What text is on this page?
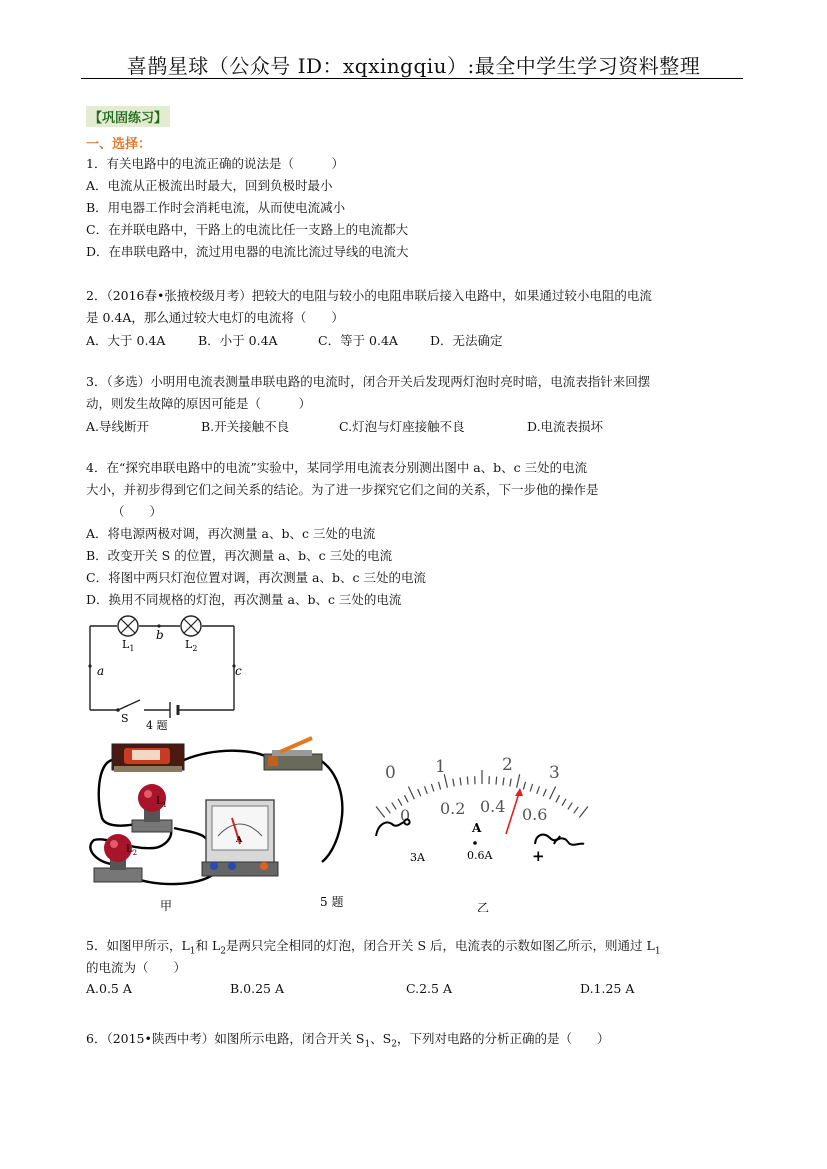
喜鹊星球（公众号 ID：xqxingqiu）:最全中学生学习资料整理
【巩固练习】
一、选择：
1．有关电路中的电流正确的说法是（　　　）
A．电流从正极流出时最大，回到负极时最小
B．用电器工作时会消耗电流，从而使电流减小
C．在并联电路中，干路上的电流比任一支路上的电流都大
D．在串联电路中，流过用电器的电流比流过导线的电流大
2．（2016春•张掖校级月考）把较大的电阻与较小的电阻串联后接入电路中，如果通过较小电阻的电流
是 0.4A，那么通过较大电灯的电流将（　　）
A．大于 0.4A	B．小于 0.4A	C．等于 0.4A	D．无法确定
3．（多选）小明用电流表测量串联电路的电流时，闭合开关后发现两灯泡时亮时暗，电流表指针来回摆
动，则发生故障的原因可能是（　　　）
A.导线断开	B.开关接触不良	C.灯泡与灯座接触不良	D.电流表损坏
4．在“探究串联电路中的电流”实验中，某同学用电流表分别测出图中 a、b、c 三处的电流
大小，并初步得到它们之间关系的结论。为了进一步探究它们之间的关系，下一步他的操作是
（　　）
A．将电源两极对调，再次测量 a、b、c 三处的电流
B．改变开关 S 的位置，再次测量 a、b、c 三处的电流
C．将图中两只灯泡位置对调，再次测量 a、b、c 三处的电流
D．换用不同规格的灯泡，再次测量 a、b、c 三处的电流
$L_1$	$L_2$
b
a	c
S
4 题
A
$L_1$
$L_2$
甲	5 题
0 1	2 3
0 0.2 0.4 0.6
A
3A	0.6A	+
乙
5．如图甲所示，$L_1$和 $L_2$是两只完全相同的灯泡，闭合开关 S 后，电流表的示数如图乙所示，则通过 $L_1$
的电流为（　　）
A.0.5 A	B.0.25 A	C.2.5 A	D.1.25 A
6．（2015•陕西中考）如图所示电路，闭合开关 $S_1$、$S_2$，下列对电路的分析正确的是（　　）
